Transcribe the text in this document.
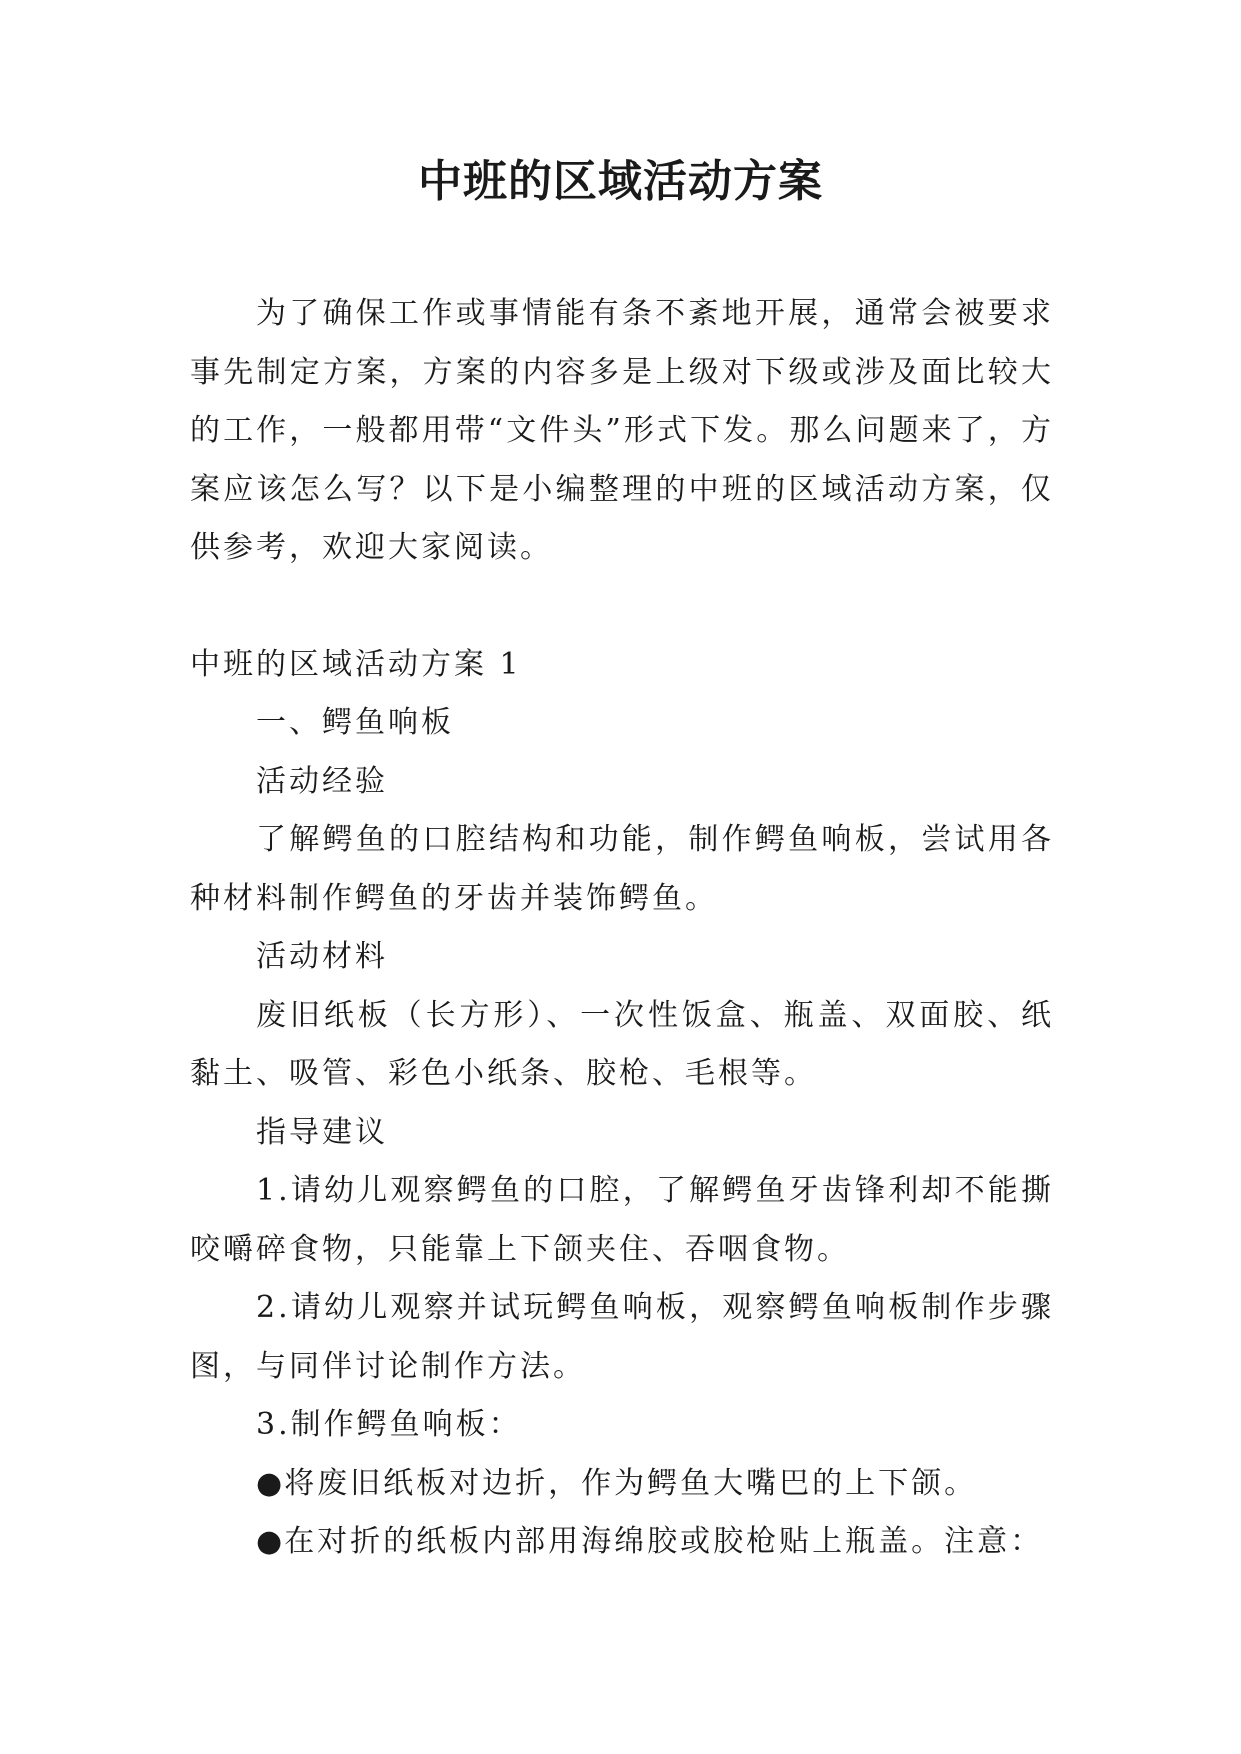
中班的区域活动方案

为了确保工作或事情能有条不紊地开展，通常会被要求事先制定方案，方案的内容多是上级对下级或涉及面比较大的工作，一般都用带“文件头”形式下发。那么问题来了，方案应该怎么写？以下是小编整理的中班的区域活动方案，仅供参考，欢迎大家阅读。

中班的区域活动方案 1

一、鳄鱼响板

活动经验

了解鳄鱼的口腔结构和功能，制作鳄鱼响板，尝试用各种材料制作鳄鱼的牙齿并装饰鳄鱼。

活动材料

废旧纸板（长方形）、一次性饭盒、瓶盖、双面胶、纸黏土、吸管、彩色小纸条、胶枪、毛根等。

指导建议

1.请幼儿观察鳄鱼的口腔，了解鳄鱼牙齿锋利却不能撕咬嚼碎食物，只能靠上下颌夹住、吞咽食物。

2.请幼儿观察并试玩鳄鱼响板，观察鳄鱼响板制作步骤图，与同伴讨论制作方法。

3.制作鳄鱼响板：

●将废旧纸板对边折，作为鳄鱼大嘴巴的上下颌。

●在对折的纸板内部用海绵胶或胶枪贴上瓶盖。注意：
